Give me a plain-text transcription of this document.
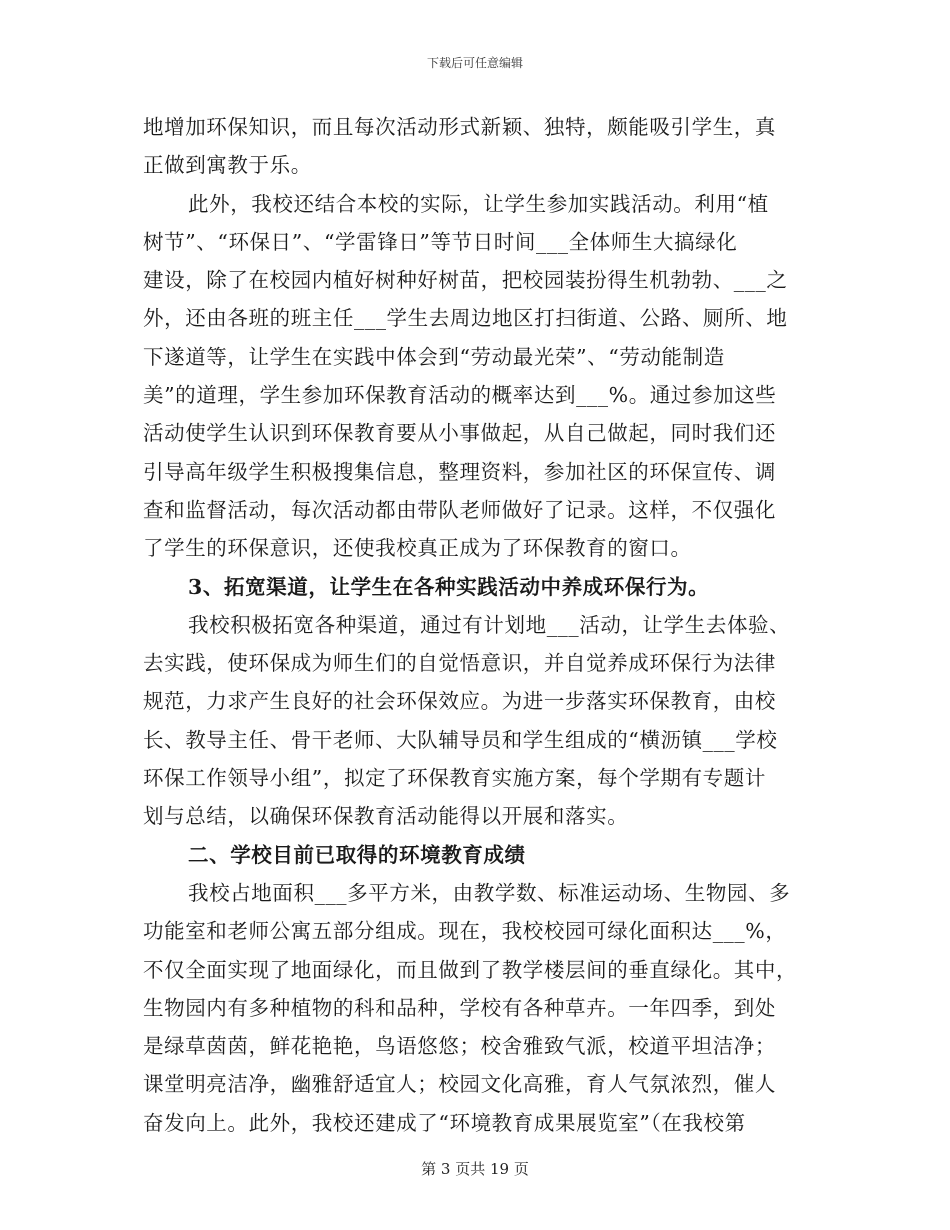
下载后可任意编辑
地增加环保知识，而且每次活动形式新颖、独特，颇能吸引学生，真
正做到寓教于乐。
此外，我校还结合本校的实际，让学生参加实践活动。利用“植
树节”、“环保日”、“学雷锋日”等节日时间___全体师生大搞绿化
建设，除了在校园内植好树种好树苗，把校园装扮得生机勃勃、___之
外，还由各班的班主任___学生去周边地区打扫街道、公路、厕所、地
下遂道等，让学生在实践中体会到“劳动最光荣”、“劳动能制造
美”的道理，学生参加环保教育活动的概率达到___%。通过参加这些
活动使学生认识到环保教育要从小事做起，从自己做起，同时我们还
引导高年级学生积极搜集信息，整理资料，参加社区的环保宣传、调
查和监督活动，每次活动都由带队老师做好了记录。这样，不仅强化
了学生的环保意识，还使我校真正成为了环保教育的窗口。
3、拓宽渠道，让学生在各种实践活动中养成环保行为。
我校积极拓宽各种渠道，通过有计划地___活动，让学生去体验、
去实践，使环保成为师生们的自觉悟意识，并自觉养成环保行为法律
规范，力求产生良好的社会环保效应。为进一步落实环保教育，由校
长、教导主任、骨干老师、大队辅导员和学生组成的“横沥镇___学校
环保工作领导小组”，拟定了环保教育实施方案，每个学期有专题计
划与总结，以确保环保教育活动能得以开展和落实。
二、学校目前已取得的环境教育成绩
我校占地面积___多平方米，由教学数、标准运动场、生物园、多
功能室和老师公寓五部分组成。现在，我校校园可绿化面积达___%，
不仅全面实现了地面绿化，而且做到了教学楼层间的垂直绿化。其中，
生物园内有多种植物的科和品种，学校有各种草卉。一年四季，到处
是绿草茵茵，鲜花艳艳，鸟语悠悠；校舍雅致气派，校道平坦洁净；
课堂明亮洁净，幽雅舒适宜人；校园文化高雅，育人气氛浓烈，催人
奋发向上。此外，我校还建成了“环境教育成果展览室”（在我校第
第 3 页共 19 页
